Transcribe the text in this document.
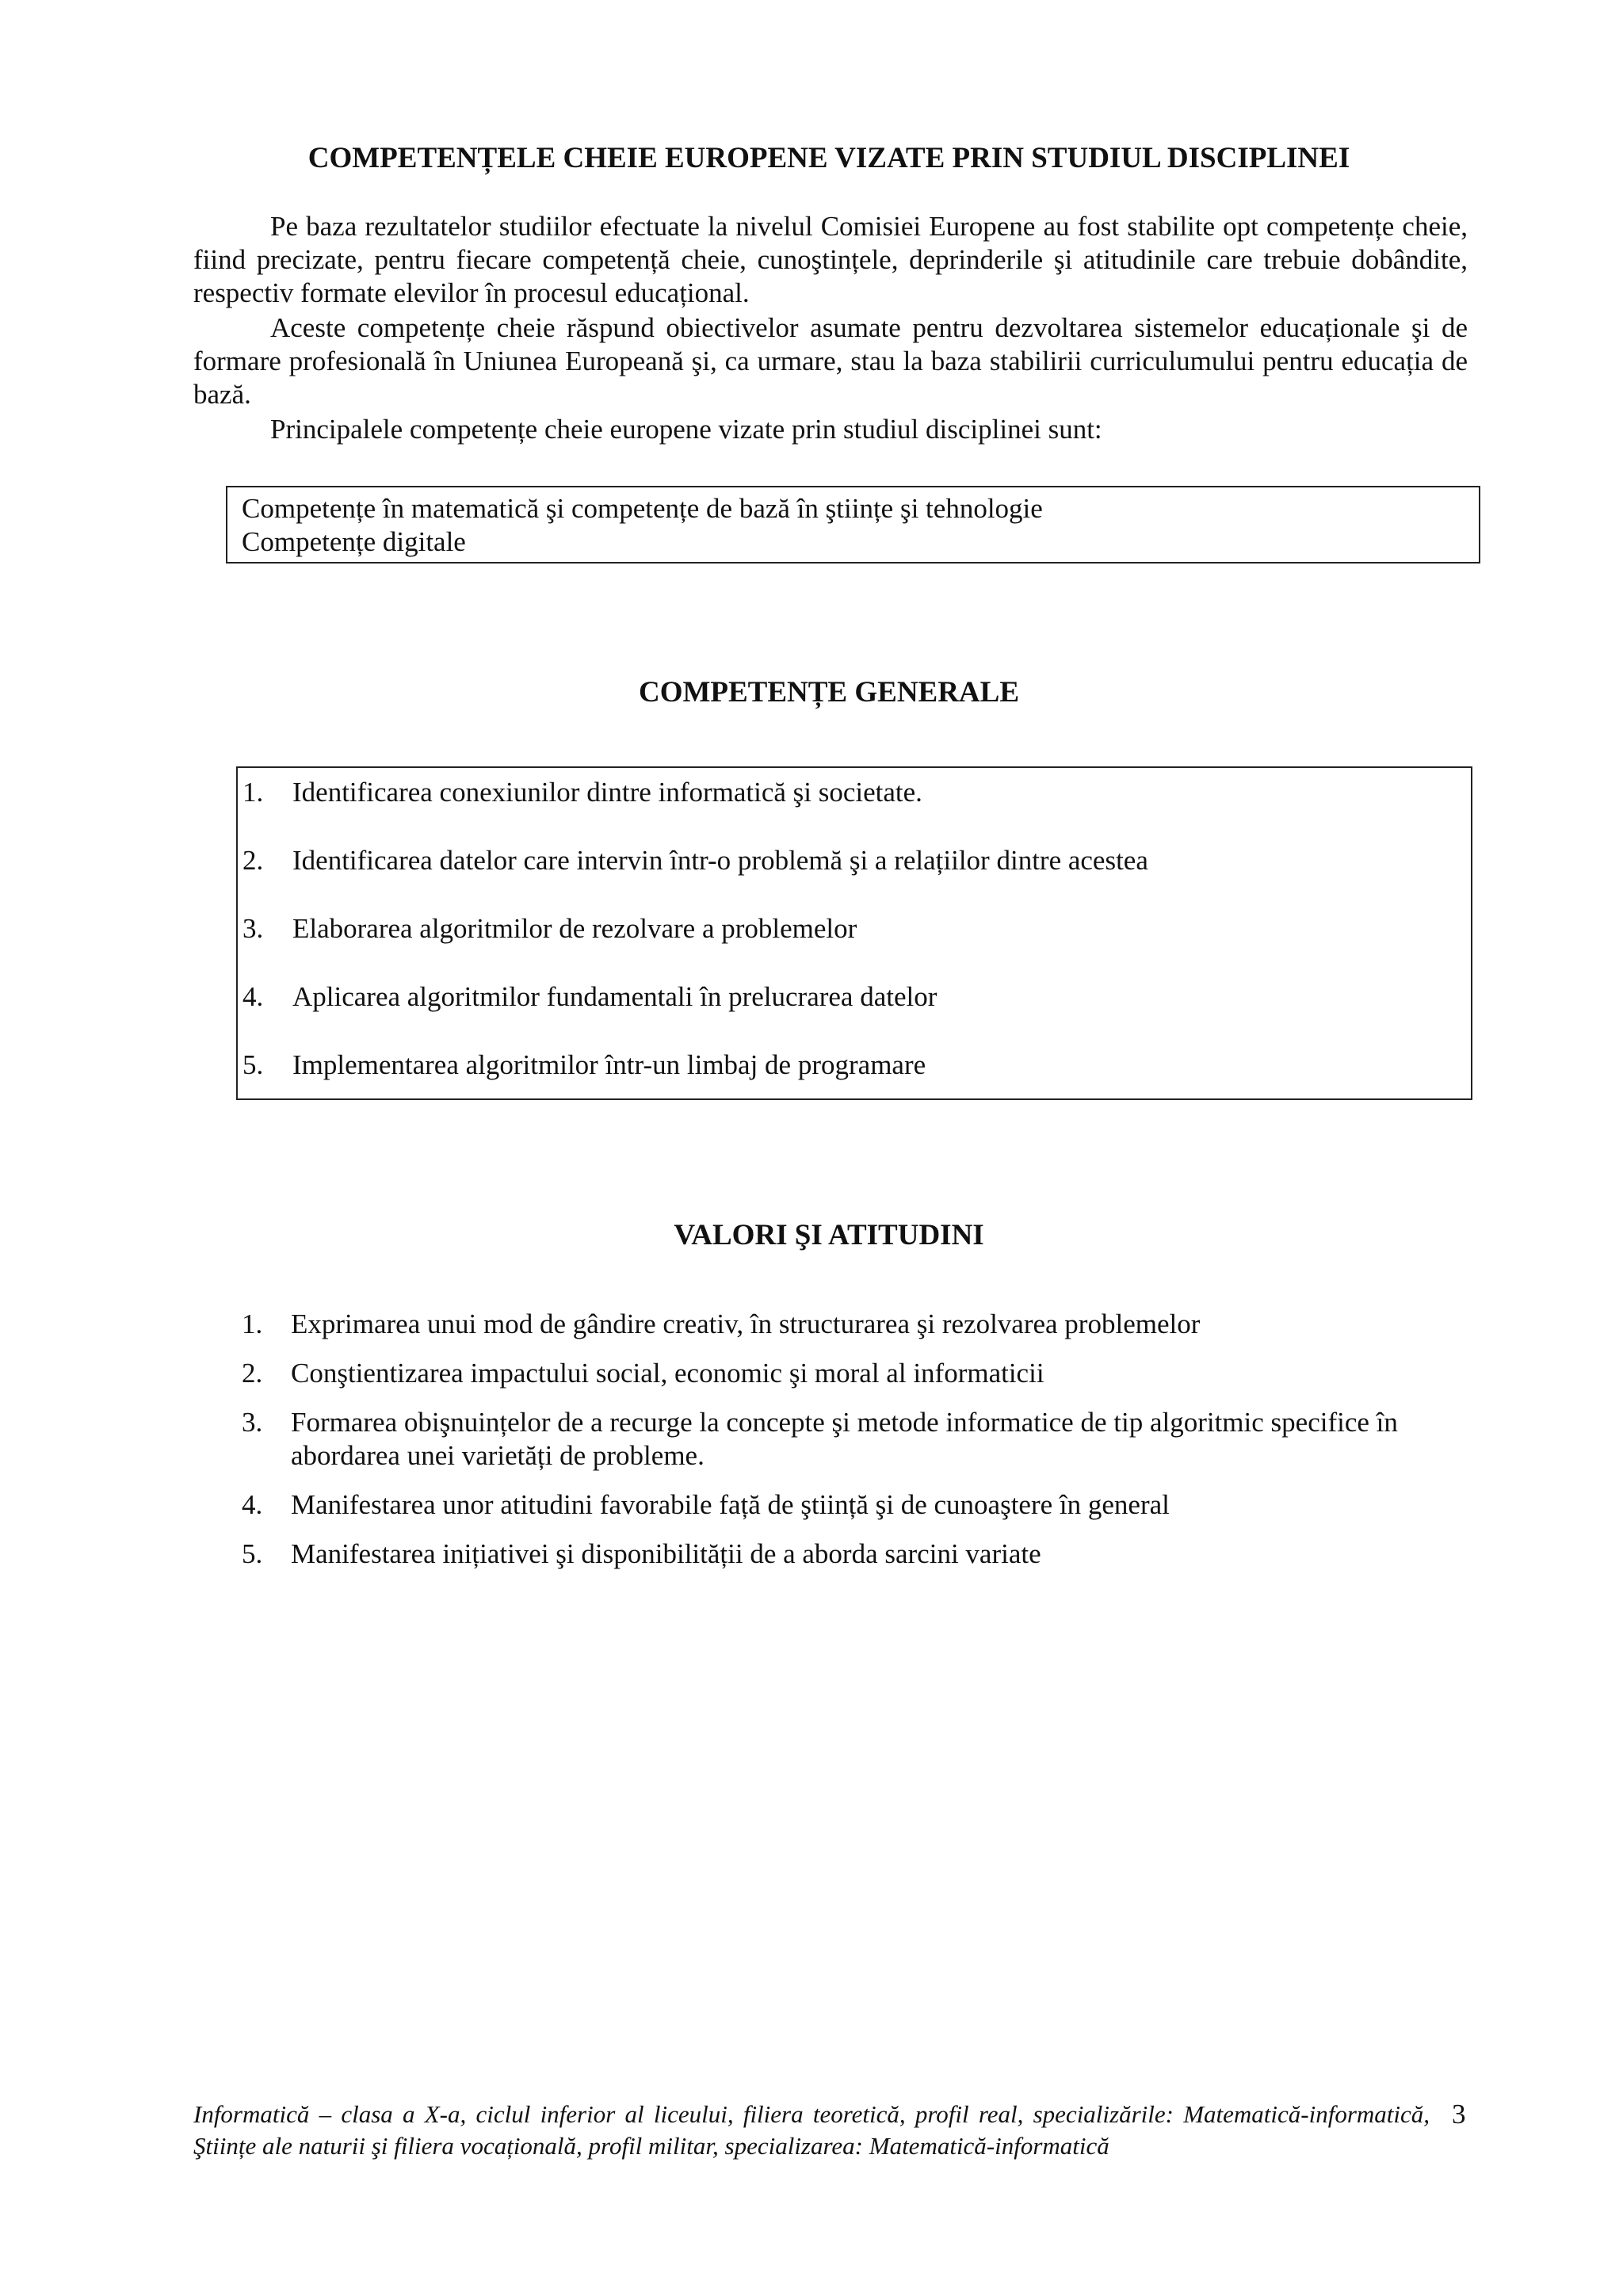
COMPETENȚELE CHEIE EUROPENE VIZATE PRIN STUDIUL DISCIPLINEI

Pe baza rezultatelor studiilor efectuate la nivelul Comisiei Europene au fost stabilite opt competențe cheie, fiind precizate, pentru fiecare competență cheie, cunoştințele, deprinderile şi atitudinile care trebuie dobândite, respectiv formate elevilor în procesul educațional.

Aceste competențe cheie răspund obiectivelor asumate pentru dezvoltarea sistemelor educaționale şi de formare profesională în Uniunea Europeană şi, ca urmare, stau la baza stabilirii curriculumului pentru educația de bază.

Principalele competențe cheie europene vizate prin studiul disciplinei sunt:

Competențe în matematică şi competențe de bază în ştiințe şi tehnologie
Competențe digitale
COMPETENȚE GENERALE
1. Identificarea conexiunilor dintre informatică şi societate.
2. Identificarea datelor care intervin într-o problemă şi a relațiilor dintre acestea
3. Elaborarea algoritmilor de rezolvare a problemelor
4. Aplicarea algoritmilor fundamentali în prelucrarea datelor
5. Implementarea algoritmilor într-un limbaj de programare
VALORI ŞI ATITUDINI
1. Exprimarea unui mod de gândire creativ, în structurarea şi rezolvarea problemelor
2. Conştientizarea impactului social, economic şi moral al informaticii
3. Formarea obişnuințelor de a recurge la concepte şi metode informatice de tip algoritmic specifice în abordarea unei varietăți de probleme.
4. Manifestarea unor atitudini favorabile față de ştiință şi de cunoaştere în general
5. Manifestarea inițiativei şi disponibilității de a aborda sarcini variate

Informatică – clasa a X-a, ciclul inferior al liceului, filiera teoretică, profil real, specializările: Matematică-informatică, Ştiințe ale naturii şi filiera vocațională, profil militar, specializarea: Matematică-informatică

3
